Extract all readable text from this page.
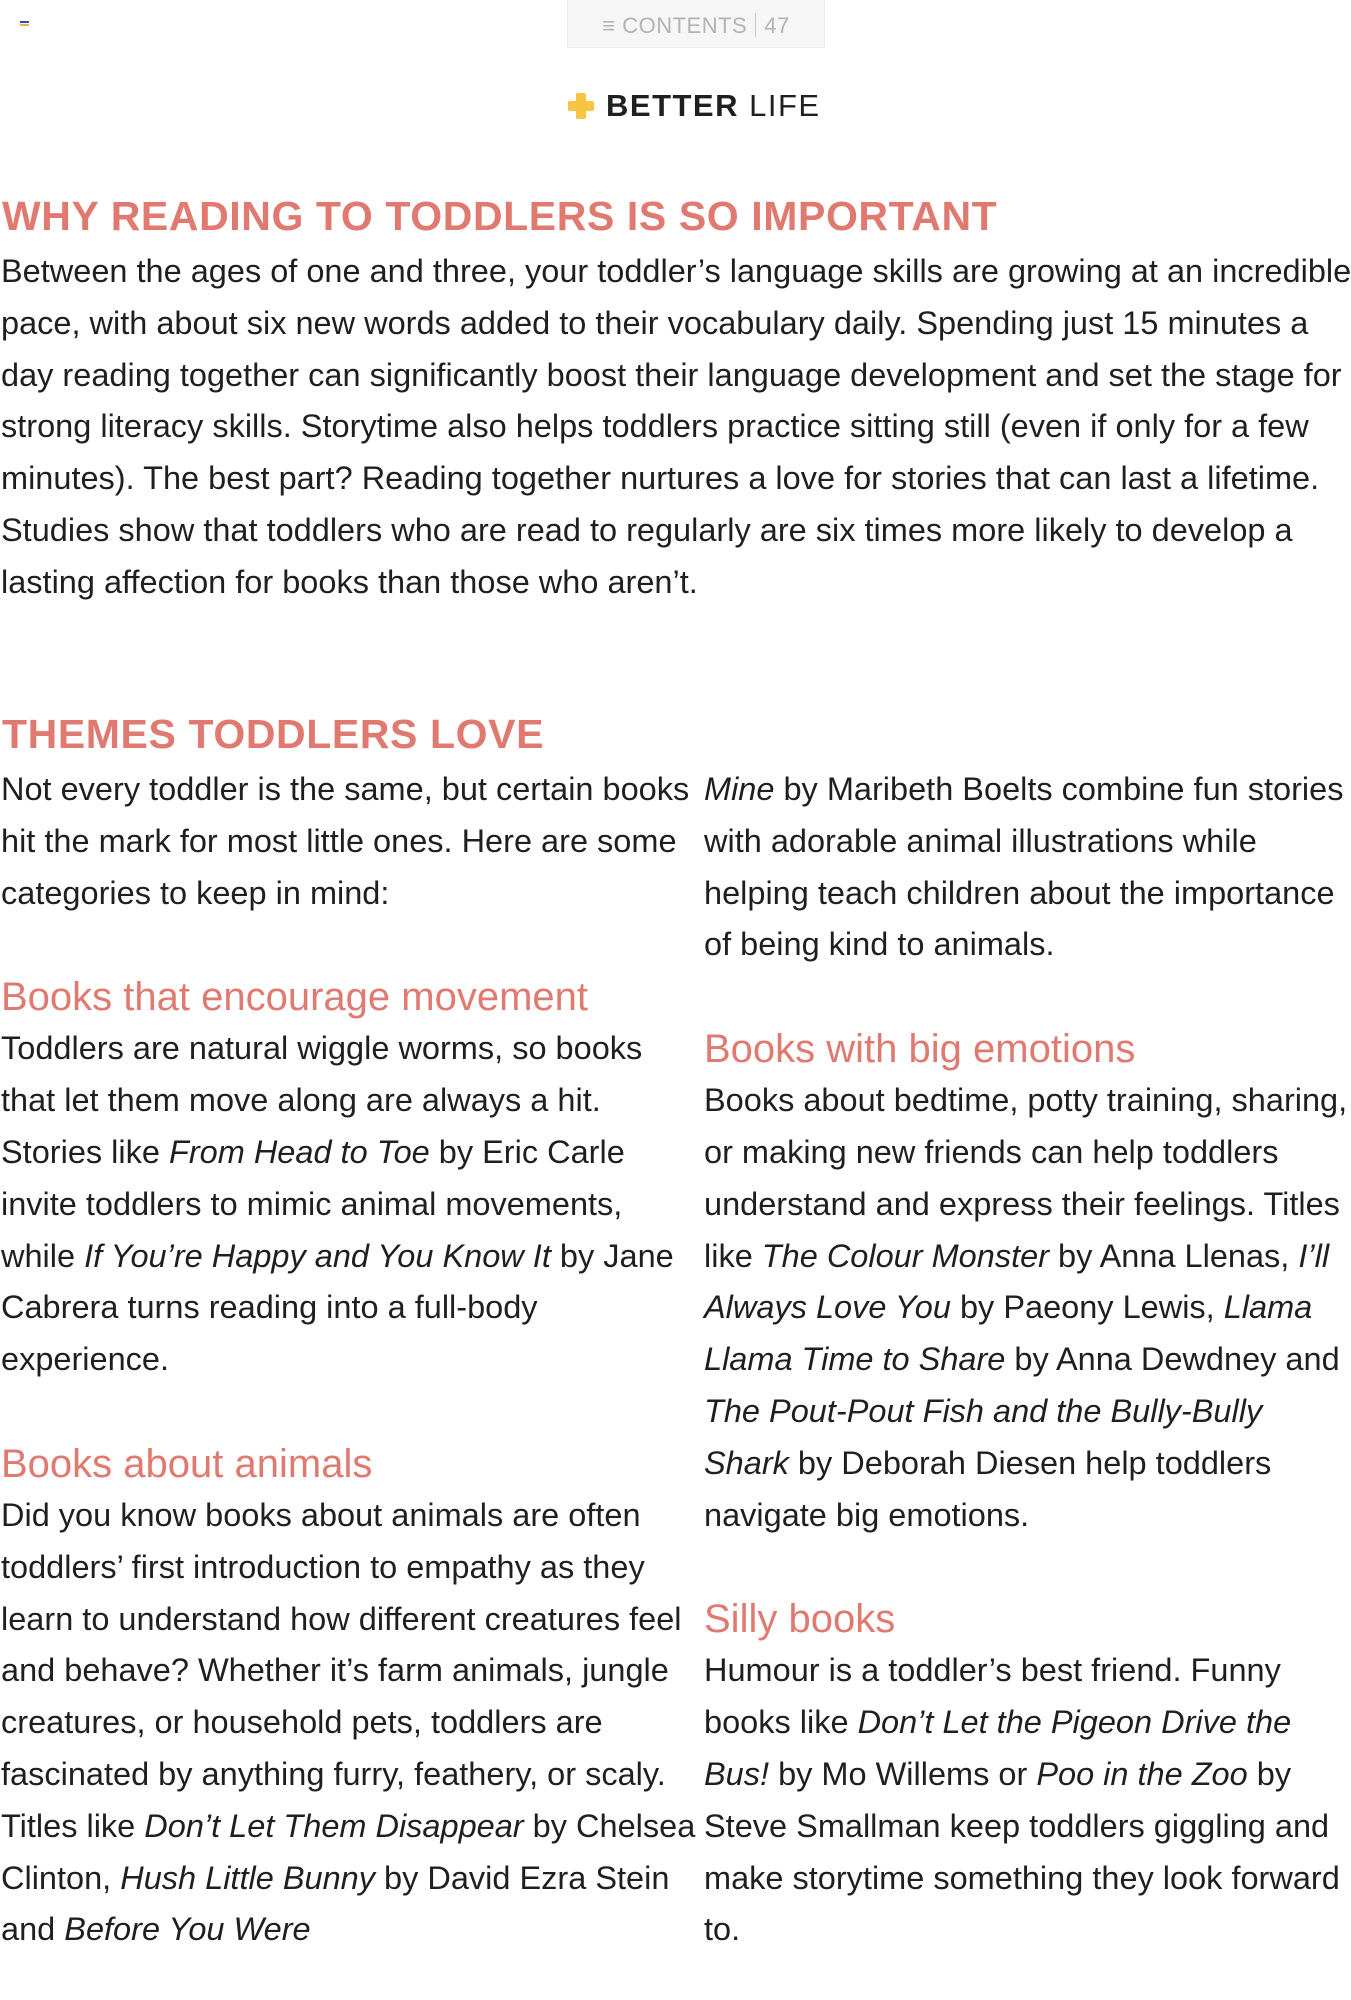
≡ CONTENTS 47
BETTER LIFE
WHY READING TO TODDLERS IS SO IMPORTANT

Between the ages of one and three, your toddler’s language skills are growing at an incredible pace, with about six new words added to their vocabulary daily. Spending just 15 minutes a day reading together can significantly boost their language development and set the stage for strong literacy skills. Storytime also helps toddlers practice sitting still (even if only for a few minutes). The best part? Reading together nurtures a love for stories that can last a lifetime. Studies show that toddlers who are read to regularly are six times more likely to develop a lasting affection for books than those who aren’t.

THEMES TODDLERS LOVE

Not every toddler is the same, but certain books hit the mark for most little ones. Here are some categories to keep in mind:

Books that encourage movement

Toddlers are natural wiggle worms, so books that let them move along are always a hit. Stories like From Head to Toe by Eric Carle invite toddlers to mimic animal movements, while If You’re Happy and You Know It by Jane Cabrera turns reading into a full-body experience.

Books about animals

Did you know books about animals are often toddlers’ first introduction to empathy as they learn to understand how different creatures feel and behave? Whether it’s farm animals, jungle creatures, or household pets, toddlers are fascinated by anything furry, feathery, or scaly. Titles like Don’t Let Them Disappear by Chelsea Clinton, Hush Little Bunny by David Ezra Stein and Before You Were

Mine by Maribeth Boelts combine fun stories with adorable animal illustrations while helping teach children about the importance of being kind to animals.

Books with big emotions

Books about bedtime, potty training, sharing, or making new friends can help toddlers understand and express their feelings. Titles like The Colour Monster by Anna Llenas, I’ll Always Love You by Paeony Lewis, Llama Llama Time to Share by Anna Dewdney and The Pout-Pout Fish and the Bully-Bully Shark by Deborah Diesen help toddlers navigate big emotions.

Silly books

Humour is a toddler’s best friend. Funny books like Don’t Let the Pigeon Drive the Bus! by Mo Willems or Poo in the Zoo by Steve Smallman keep toddlers giggling and make storytime something they look forward to.
